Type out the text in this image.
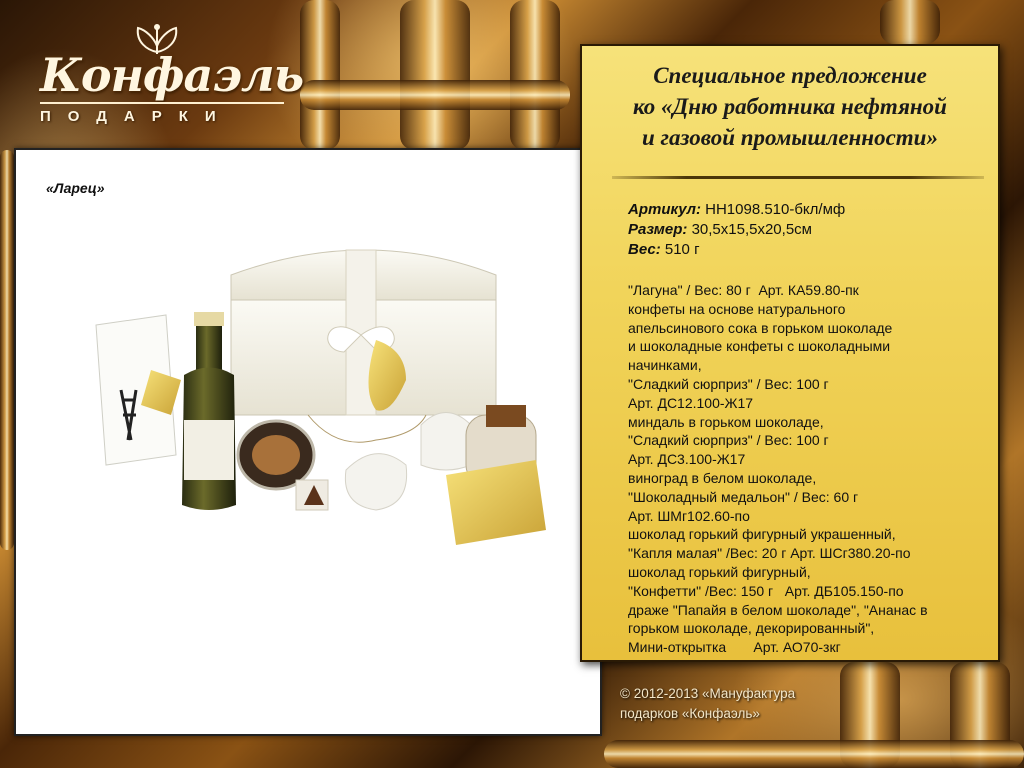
Конфаэль
ПОДАРКИ
«Ларец»
Специальное предложение
ко «Дню работника нефтяной
и газовой промышленности»
Артикул: НН1098.510-бкл/мф
Размер: 30,5х15,5х20,5см
Вес: 510 г
"Лагуна" / Вес: 80 г  Арт. КА59.80-пк
конфеты на основе натурального
апельсинового сока в горьком шоколаде
и шоколадные конфеты с шоколадными
начинками,
"Сладкий сюрприз" / Вес: 100 г
Арт. ДС12.100-Ж17
миндаль в горьком шоколаде,
"Сладкий сюрприз" / Вес: 100 г
Арт. ДС3.100-Ж17
виноград в белом шоколаде,
"Шоколадный медальон" / Вес: 60 г
Арт. ШМг102.60-по
шоколад горький фигурный украшенный,
"Капля малая" /Вес: 20 г Арт. ШСг380.20-по
шоколад горький фигурный,
"Конфетти" /Вес: 150 г   Арт. ДБ105.150-по
драже "Папайя в белом шоколаде", "Ананас в
горьком шоколаде, декорированный",
Мини-открытка       Арт. АО70-зкг
© 2012-2013 «Мануфактура
подарков «Конфаэль»
